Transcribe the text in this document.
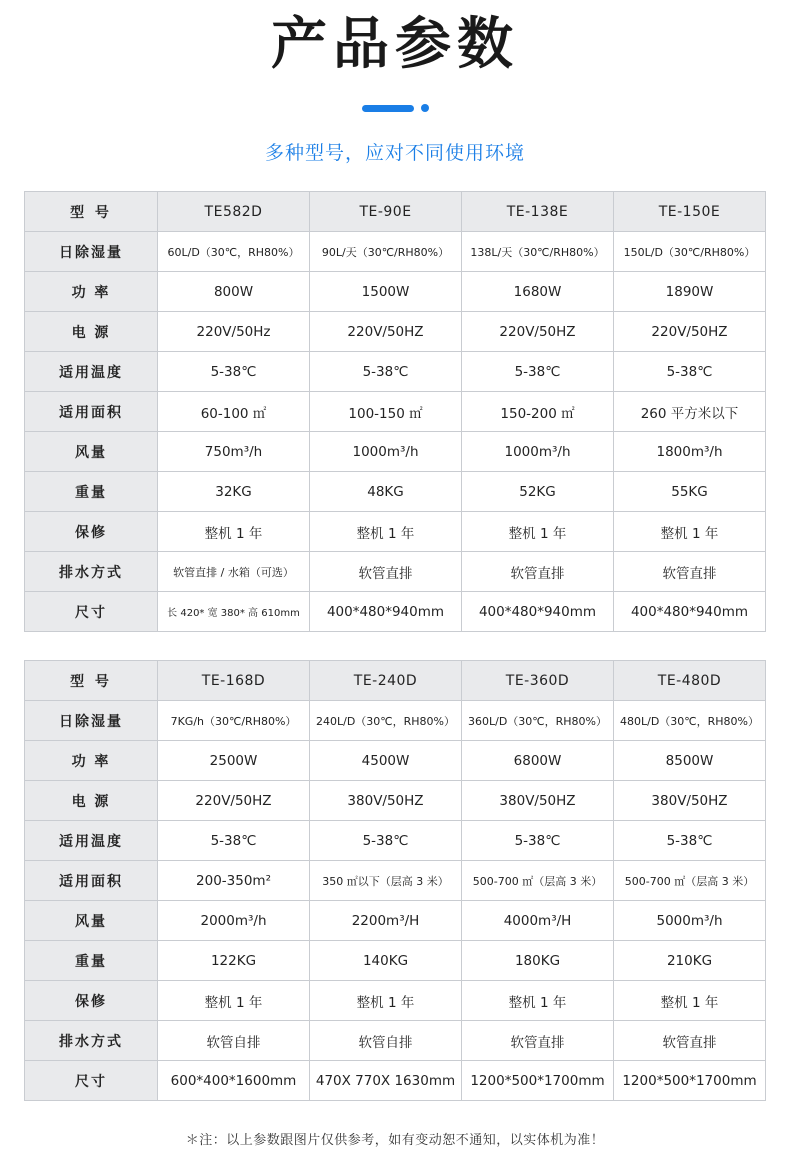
产品参数
多种型号，应对不同使用环境
型 号	TE582D	TE-90E	TE-138E	TE-150E
日除湿量	60L/D（30℃，RH80%）	90L/天（30℃/RH80%）	138L/天（30℃/RH80%）	150L/D（30℃/RH80%）
功 率	800W	1500W	1680W	1890W
电 源	220V/50Hz	220V/50HZ	220V/50HZ	220V/50HZ
适用温度	5-38℃	5-38℃	5-38℃	5-38℃
适用面积	60-100 ㎡	100-150 ㎡	150-200 ㎡	260 平方米以下
风量	750m³/h	1000m³/h	1000m³/h	1800m³/h
重量	32KG	48KG	52KG	55KG
保修	整机 1 年	整机 1 年	整机 1 年	整机 1 年
排水方式	软管直排 / 水箱（可选）	软管直排	软管直排	软管直排
尺寸	长 420* 宽 380* 高 610mm	400*480*940mm	400*480*940mm	400*480*940mm
型 号	TE-168D	TE-240D	TE-360D	TE-480D
日除湿量	7KG/h（30℃/RH80%）	240L/D（30℃，RH80%）	360L/D（30℃，RH80%）	480L/D（30℃，RH80%）
功 率	2500W	4500W	6800W	8500W
电 源	220V/50HZ	380V/50HZ	380V/50HZ	380V/50HZ
适用温度	5-38℃	5-38℃	5-38℃	5-38℃
适用面积	200-350m²	350 ㎡以下（层高 3 米）	500-700 ㎡（层高 3 米）	500-700 ㎡（层高 3 米）
风量	2000m³/h	2200m³/H	4000m³/H	5000m³/h
重量	122KG	140KG	180KG	210KG
保修	整机 1 年	整机 1 年	整机 1 年	整机 1 年
排水方式	软管自排	软管自排	软管直排	软管直排
尺寸	600*400*1600mm	470X 770X 1630mm	1200*500*1700mm	1200*500*1700mm
＊注：以上参数跟图片仅供参考，如有变动恕不通知，以实体机为准！
